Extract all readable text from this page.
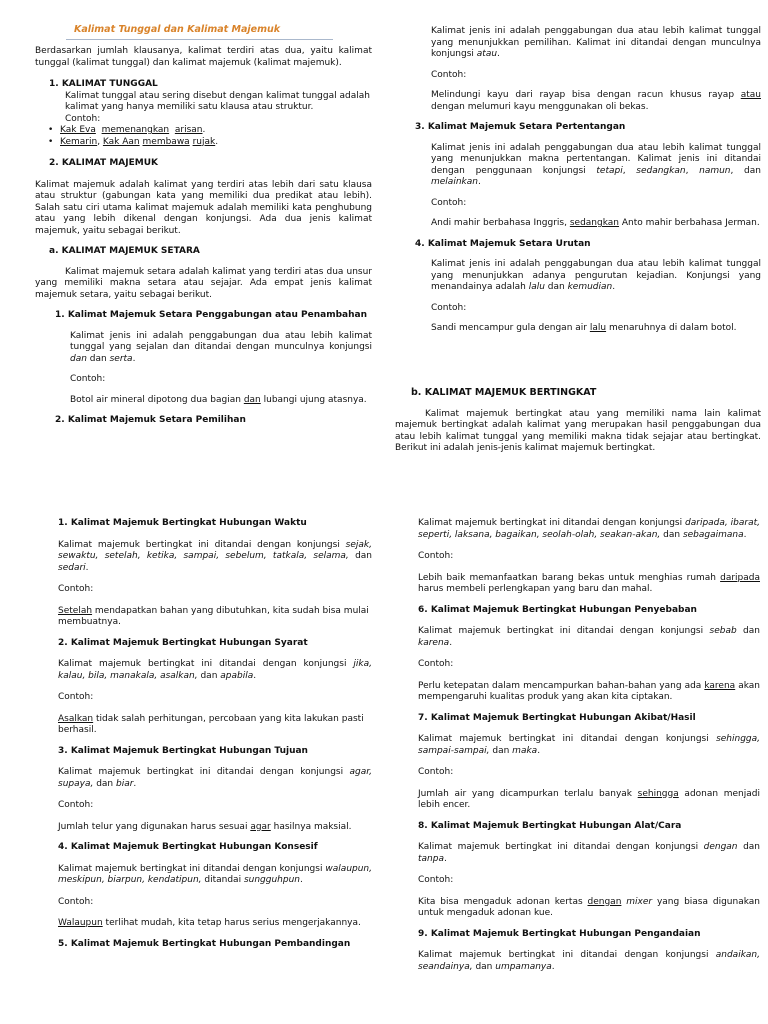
Kalimat Tunggal dan Kalimat Majemuk

Berdasarkan jumlah klausanya, kalimat terdiri atas dua, yaitu kalimat tunggal (kalimat tunggal) dan kalimat majemuk (kalimat majemuk).

1. KALIMAT TUNGGAL

Kalimat tunggal atau sering disebut dengan kalimat tunggal adalah kalimat yang hanya memiliki satu klausa atau struktur.

Contoh:

• Kak Eva memenangkan arisan.
• Kemarin, Kak Aan membawa rujak.

2. KALIMAT MAJEMUK

Kalimat majemuk adalah kalimat yang terdiri atas lebih dari satu klausa atau struktur (gabungan kata yang memiliki dua predikat atau lebih). Salah satu ciri utama kalimat majemuk adalah memiliki kata penghubung atau yang lebih dikenal dengan konjungsi. Ada dua jenis kalimat majemuk, yaitu sebagai berikut.

a. KALIMAT MAJEMUK SETARA

Kalimat majemuk setara adalah kalimat yang terdiri atas dua unsur yang memiliki makna setara atau sejajar. Ada empat jenis kalimat majemuk setara, yaitu sebagai berikut.

1. Kalimat Majemuk Setara Penggabungan atau Penambahan

Kalimat jenis ini adalah penggabungan dua atau lebih kalimat tunggal yang sejalan dan ditandai dengan munculnya konjungsi dan dan serta.

Contoh:

Botol air mineral dipotong dua bagian dan lubangi ujung atasnya.

2. Kalimat Majemuk Setara Pemilihan

Kalimat jenis ini adalah penggabungan dua atau lebih kalimat tunggal yang menunjukkan pemilihan. Kalimat ini ditandai dengan munculnya konjungsi atau.

Contoh:

Melindungi kayu dari rayap bisa dengan racun khusus rayap atau dengan melumuri kayu menggunakan oli bekas.

3. Kalimat Majemuk Setara Pertentangan

Kalimat jenis ini adalah penggabungan dua atau lebih kalimat tunggal yang menunjukkan makna pertentangan. Kalimat jenis ini ditandai dengan penggunaan konjungsi tetapi, sedangkan, namun, dan melainkan.

Contoh:

Andi mahir berbahasa Inggris, sedangkan Anto mahir berbahasa Jerman.

4. Kalimat Majemuk Setara Urutan

Kalimat jenis ini adalah penggabungan dua atau lebih kalimat tunggal yang menunjukkan adanya pengurutan kejadian. Konjungsi yang menandainya adalah lalu dan kemudian.

Contoh:

Sandi mencampur gula dengan air lalu menaruhnya di dalam botol.

b. KALIMAT MAJEMUK BERTINGKAT

Kalimat majemuk bertingkat atau yang memiliki nama lain kalimat majemuk bertingkat adalah kalimat yang merupakan hasil penggabungan dua atau lebih kalimat tunggal yang memiliki makna tidak sejajar atau bertingkat. Berikut ini adalah jenis-jenis kalimat majemuk bertingkat.

1. Kalimat Majemuk Bertingkat Hubungan Waktu

Kalimat majemuk bertingkat ini ditandai dengan konjungsi sejak, sewaktu, setelah, ketika, sampai, sebelum, tatkala, selama, dan sedari.

Contoh:

Setelah mendapatkan bahan yang dibutuhkan, kita sudah bisa mulai membuatnya.

2. Kalimat Majemuk Bertingkat Hubungan Syarat

Kalimat majemuk bertingkat ini ditandai dengan konjungsi jika, kalau, bila, manakala, asalkan, dan apabila.

Contoh:

Asalkan tidak salah perhitungan, percobaan yang kita lakukan pasti berhasil.

3. Kalimat Majemuk Bertingkat Hubungan Tujuan

Kalimat majemuk bertingkat ini ditandai dengan konjungsi agar, supaya, dan biar.

Contoh:

Jumlah telur yang digunakan harus sesuai agar hasilnya maksial.

4. Kalimat Majemuk Bertingkat Hubungan Konsesif

Kalimat majemuk bertingkat ini ditandai dengan konjungsi walaupun, meskipun, biarpun, kendatipun, ditandai sungguhpun.

Contoh:

Walaupun terlihat mudah, kita tetap harus serius mengerjakannya.

5. Kalimat Majemuk Bertingkat Hubungan Pembandingan

Kalimat majemuk bertingkat ini ditandai dengan konjungsi daripada, ibarat, seperti, laksana, bagaikan, seolah-olah, seakan-akan, dan sebagaimana.

Contoh:

Lebih baik memanfaatkan barang bekas untuk menghias rumah daripada harus membeli perlengkapan yang baru dan mahal.

6. Kalimat Majemuk Bertingkat Hubungan Penyebaban

Kalimat majemuk bertingkat ini ditandai dengan konjungsi sebab dan karena.

Contoh:

Perlu ketepatan dalam mencampurkan bahan-bahan yang ada karena akan mempengaruhi kualitas produk yang akan kita ciptakan.

7. Kalimat Majemuk Bertingkat Hubungan Akibat/Hasil

Kalimat majemuk bertingkat ini ditandai dengan konjungsi sehingga, sampai-sampai, dan maka.

Contoh:

Jumlah air yang dicampurkan terlalu banyak sehingga adonan menjadi lebih encer.

8. Kalimat Majemuk Bertingkat Hubungan Alat/Cara

Kalimat majemuk bertingkat ini ditandai dengan konjungsi dengan dan tanpa.

Contoh:

Kita bisa mengaduk adonan kertas dengan mixer yang biasa digunakan untuk mengaduk adonan kue.

9. Kalimat Majemuk Bertingkat Hubungan Pengandaian

Kalimat majemuk bertingkat ini ditandai dengan konjungsi andaikan, seandainya, dan umpamanya.
